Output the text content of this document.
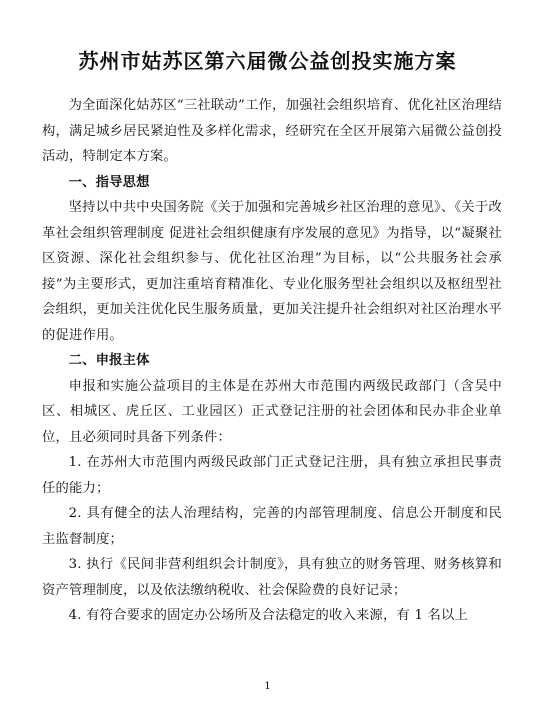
苏州市姑苏区第六届微公益创投实施方案

为全面深化姑苏区“三社联动”工作，加强社会组织培育、优化社区治理结构，满足城乡居民紧迫性及多样化需求，经研究在全区开展第六届微公益创投活动，特制定本方案。

一、指导思想

坚持以中共中央国务院《关于加强和完善城乡社区治理的意见》、《关于改革社会组织管理制度 促进社会组织健康有序发展的意见》为指导，以“凝聚社区资源、深化社会组织参与、优化社区治理”为目标，以“公共服务社会承接”为主要形式，更加注重培育精准化、专业化服务型社会组织以及枢纽型社会组织，更加关注优化民生服务质量，更加关注提升社会组织对社区治理水平的促进作用。

二、申报主体

申报和实施公益项目的主体是在苏州大市范围内两级民政部门（含吴中区、相城区、虎丘区、工业园区）正式登记注册的社会团体和民办非企业单位，且必须同时具备下列条件：

1. 在苏州大市范围内两级民政部门正式登记注册，具有独立承担民事责任的能力；

2. 具有健全的法人治理结构，完善的内部管理制度、信息公开制度和民主监督制度；

3. 执行《民间非营利组织会计制度》，具有独立的财务管理、财务核算和资产管理制度，以及依法缴纳税收、社会保险费的良好记录；

4. 有符合要求的固定办公场所及合法稳定的收入来源，有 1 名以上

1
